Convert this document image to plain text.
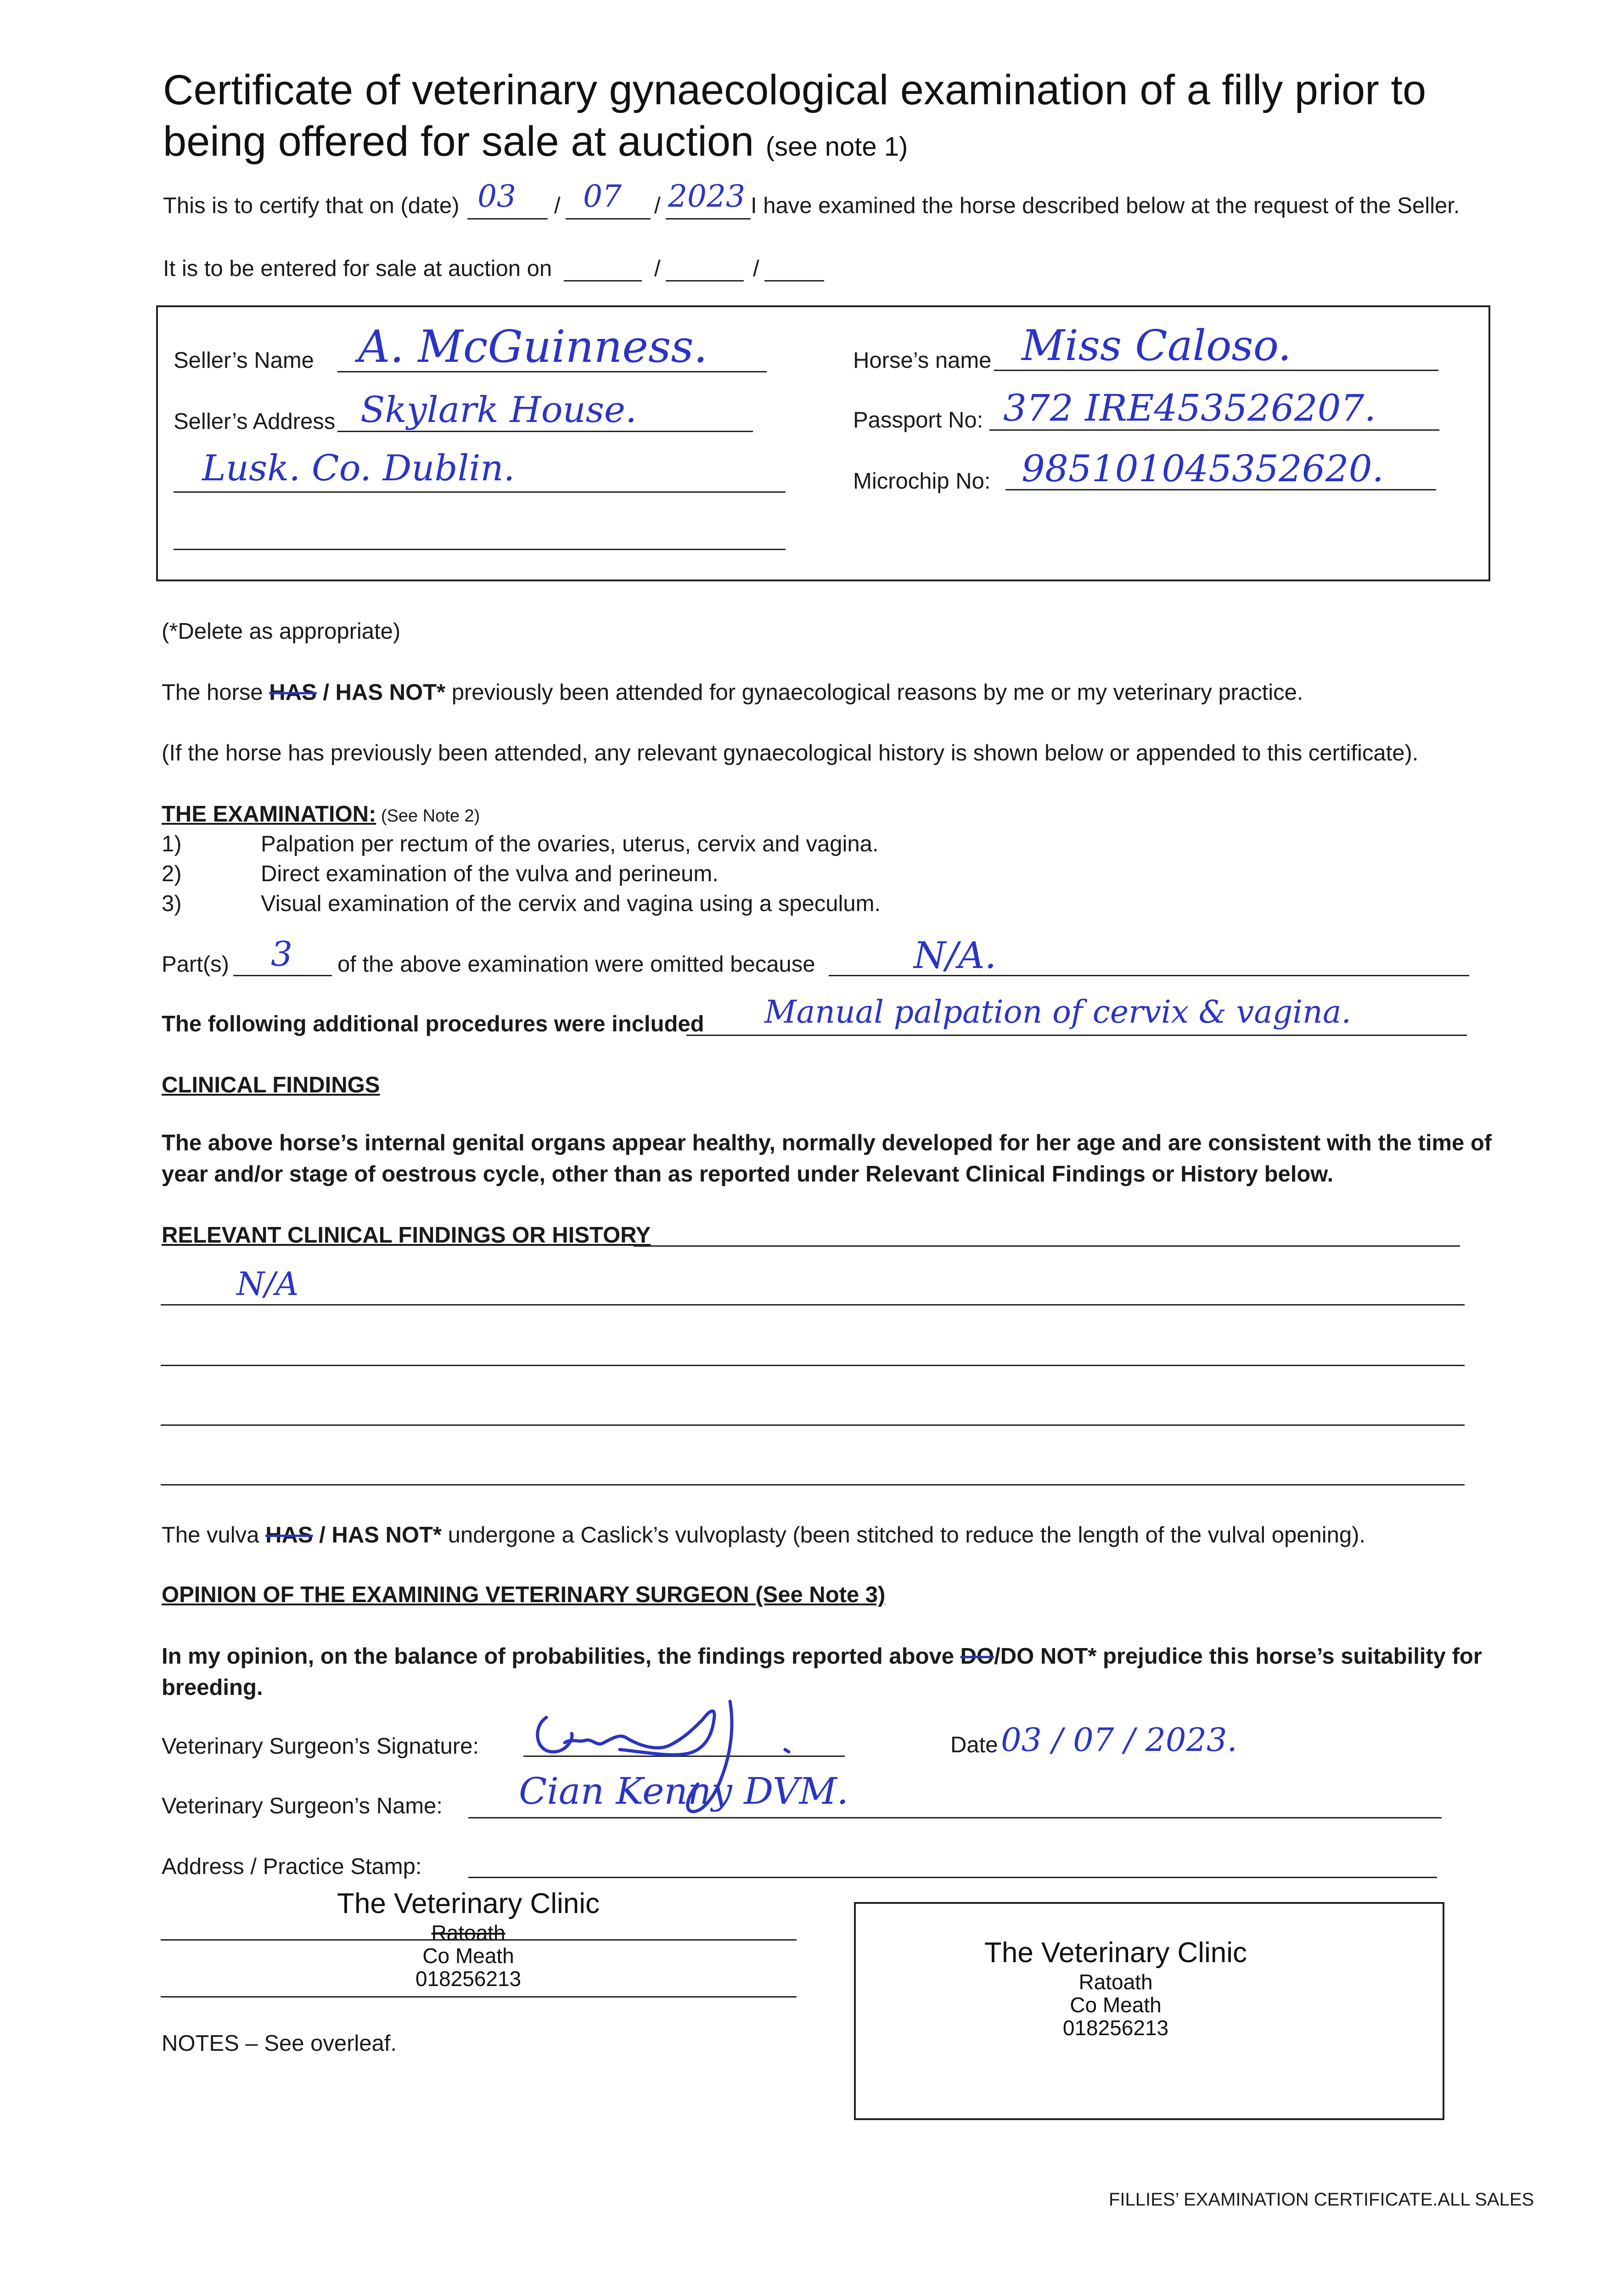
Certificate of veterinary gynaecological examination of a filly prior to being offered for sale at auction (see note 1)
This is to certify that on (date) 03 / 07 / 2023 I have examined the horse described below at the request of the Seller.
It is to be entered for sale at auction on	/	/
Seller’s Name A. McGuinness.
Seller’s Address Skylark House.
Lusk. Co. Dublin.
Horse’s name Miss Caloso.
Passport No: 372 IRE453526207.
Microchip No: 985101045352620.
(*Delete as appropriate)
The horse HAS / HAS NOT* previously been attended for gynaecological reasons by me or my veterinary practice.
(If the horse has previously been attended, any relevant gynaecological history is shown below or appended to this certificate).
THE EXAMINATION: (See Note 2)
1)	Palpation per rectum of the ovaries, uterus, cervix and vagina.
2)	Direct examination of the vulva and perineum.
3)	Visual examination of the cervix and vagina using a speculum.
Part(s) 3 of the above examination were omitted because	N/A.
The following additional procedures were included Manual palpation of cervix & vagina.
CLINICAL FINDINGS
The above horse’s internal genital organs appear healthy, normally developed for her age and are consistent with the time of year and/or stage of oestrous cycle, other than as reported under Relevant Clinical Findings or History below.
RELEVANT CLINICAL FINDINGS OR HISTORY
N/A
The vulva HAS / HAS NOT* undergone a Caslick’s vulvoplasty (been stitched to reduce the length of the vulval opening).
OPINION OF THE EXAMINING VETERINARY SURGEON (See Note 3)
In my opinion, on the balance of probabilities, the findings reported above DO/DO NOT* prejudice this horse’s suitability for breeding.
Veterinary Surgeon’s Signature:	Date 03 / 07 / 2023.
Veterinary Surgeon’s Name: Cian Kenny DVM.
Address / Practice Stamp:
The Veterinary Clinic
Ratoath
Co Meath
018256213
The Veterinary Clinic
Ratoath
Co Meath
018256213
NOTES – See overleaf.
FILLIES’ EXAMINATION CERTIFICATE.ALL SALES
